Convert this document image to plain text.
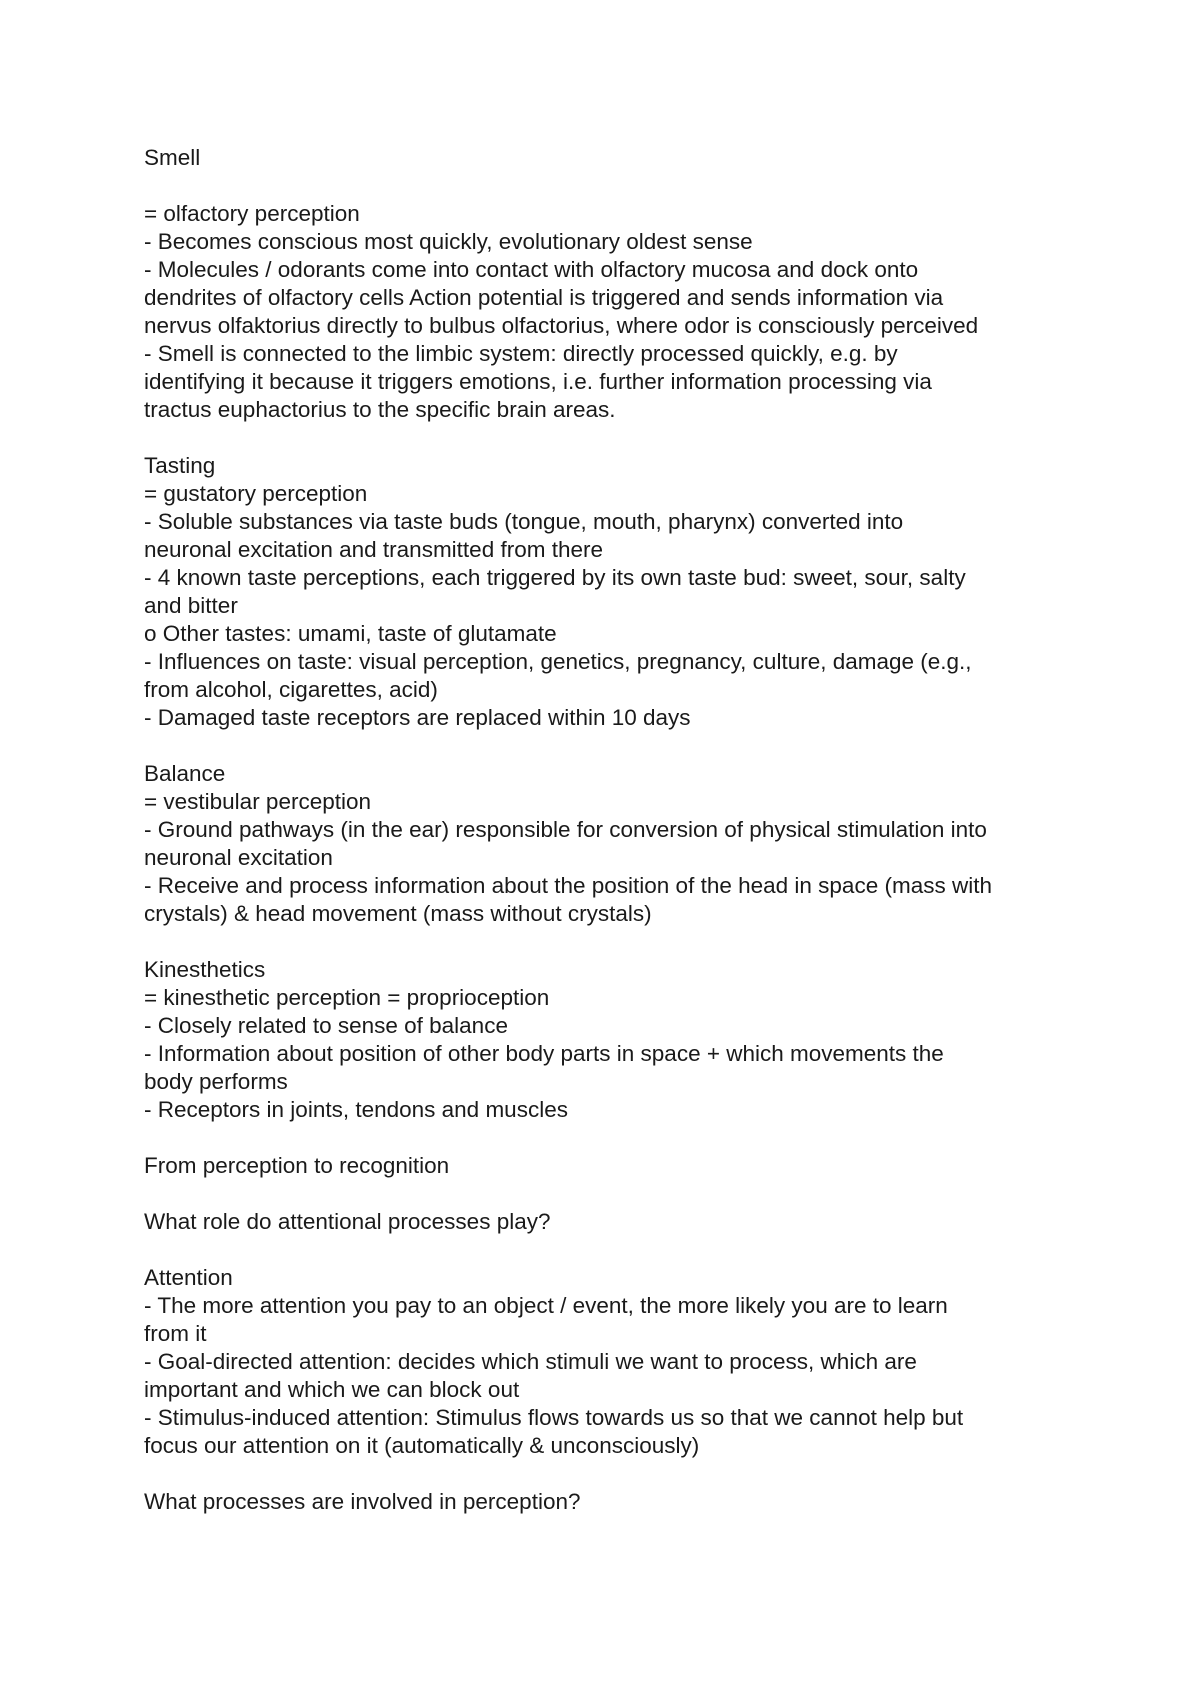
Smell

= olfactory perception

- Becomes conscious most quickly, evolutionary oldest sense

- Molecules / odorants come into contact with olfactory mucosa and dock onto

dendrites of olfactory cells Action potential is triggered and sends information via

nervus olfaktorius directly to bulbus olfactorius, where odor is consciously perceived

- Smell is connected to the limbic system: directly processed quickly, e.g. by

identifying it because it triggers emotions, i.e. further information processing via

tractus euphactorius to the specific brain areas.

Tasting

= gustatory perception

- Soluble substances via taste buds (tongue, mouth, pharynx) converted into

neuronal excitation and transmitted from there

- 4 known taste perceptions, each triggered by its own taste bud: sweet, sour, salty

and bitter

o Other tastes: umami, taste of glutamate

- Influences on taste: visual perception, genetics, pregnancy, culture, damage (e.g.,

from alcohol, cigarettes, acid)

- Damaged taste receptors are replaced within 10 days

Balance

= vestibular perception

- Ground pathways (in the ear) responsible for conversion of physical stimulation into

neuronal excitation

- Receive and process information about the position of the head in space (mass with

crystals) & head movement (mass without crystals)

Kinesthetics

= kinesthetic perception = proprioception

- Closely related to sense of balance

- Information about position of other body parts in space + which movements the

body performs

- Receptors in joints, tendons and muscles

From perception to recognition

What role do attentional processes play?

Attention

- The more attention you pay to an object / event, the more likely you are to learn

from it

- Goal-directed attention: decides which stimuli we want to process, which are

important and which we can block out

- Stimulus-induced attention: Stimulus flows towards us so that we cannot help but

focus our attention on it (automatically & unconsciously)

What processes are involved in perception?
